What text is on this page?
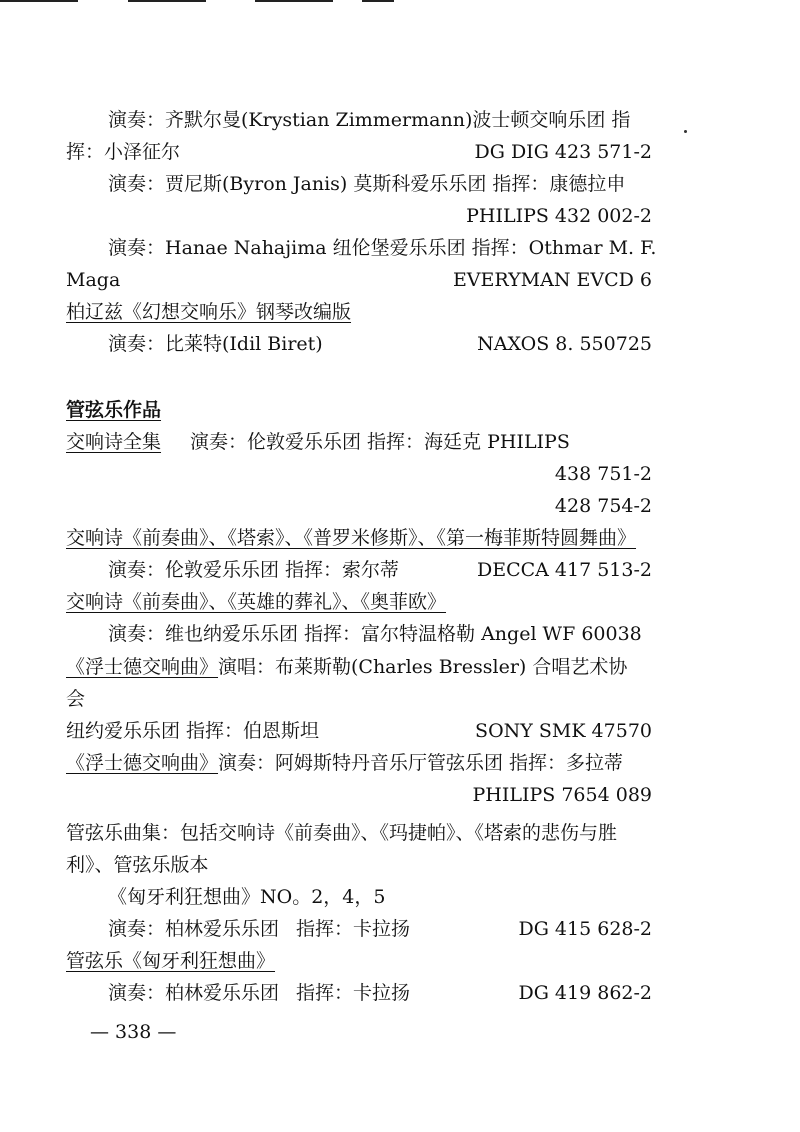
演奏：齐默尔曼(Krystian Zimmermann)波士顿交响乐团 指
挥：小泽征尔	DG DIG 423 571-2
演奏：贾尼斯(Byron Janis) 莫斯科爱乐乐团 指挥：康德拉申
PHILIPS 432 002-2
演奏：Hanae Nahajima 纽伦堡爱乐乐团 指挥：Othmar M. F.
Maga	EVERYMAN EVCD 6
柏辽兹《幻想交响乐》钢琴改编版
演奏：比莱特(Idil Biret)	NAXOS 8. 550725
管弦乐作品
交响诗全集 演奏：伦敦爱乐乐团 指挥：海廷克 PHILIPS
438 751-2
428 754-2
交响诗《前奏曲》、《塔索》、《普罗米修斯》、《第一梅菲斯特圆舞曲》
演奏：伦敦爱乐乐团 指挥：索尔蒂	DECCA 417 513-2
交响诗《前奏曲》、《英雄的葬礼》、《奥菲欧》
演奏：维也纳爱乐乐团 指挥：富尔特温格勒 Angel WF 60038
《浮士德交响曲》 演唱：布莱斯勒(Charles Bressler) 合唱艺术协
会
纽约爱乐乐团 指挥：伯恩斯坦	SONY SMK 47570
《浮士德交响曲》 演奏：阿姆斯特丹音乐厅管弦乐团 指挥：多拉蒂
PHILIPS 7654 089
管弦乐曲集：包括交响诗《前奏曲》、《玛捷帕》、《塔索的悲伤与胜
利》、管弦乐版本
《匈牙利狂想曲》NO。2，4，5
演奏：柏林爱乐乐团 指挥：卡拉扬	DG 415 628-2
管弦乐《匈牙利狂想曲》
演奏：柏林爱乐乐团 指挥：卡拉扬	DG 419 862-2
— 338 —
